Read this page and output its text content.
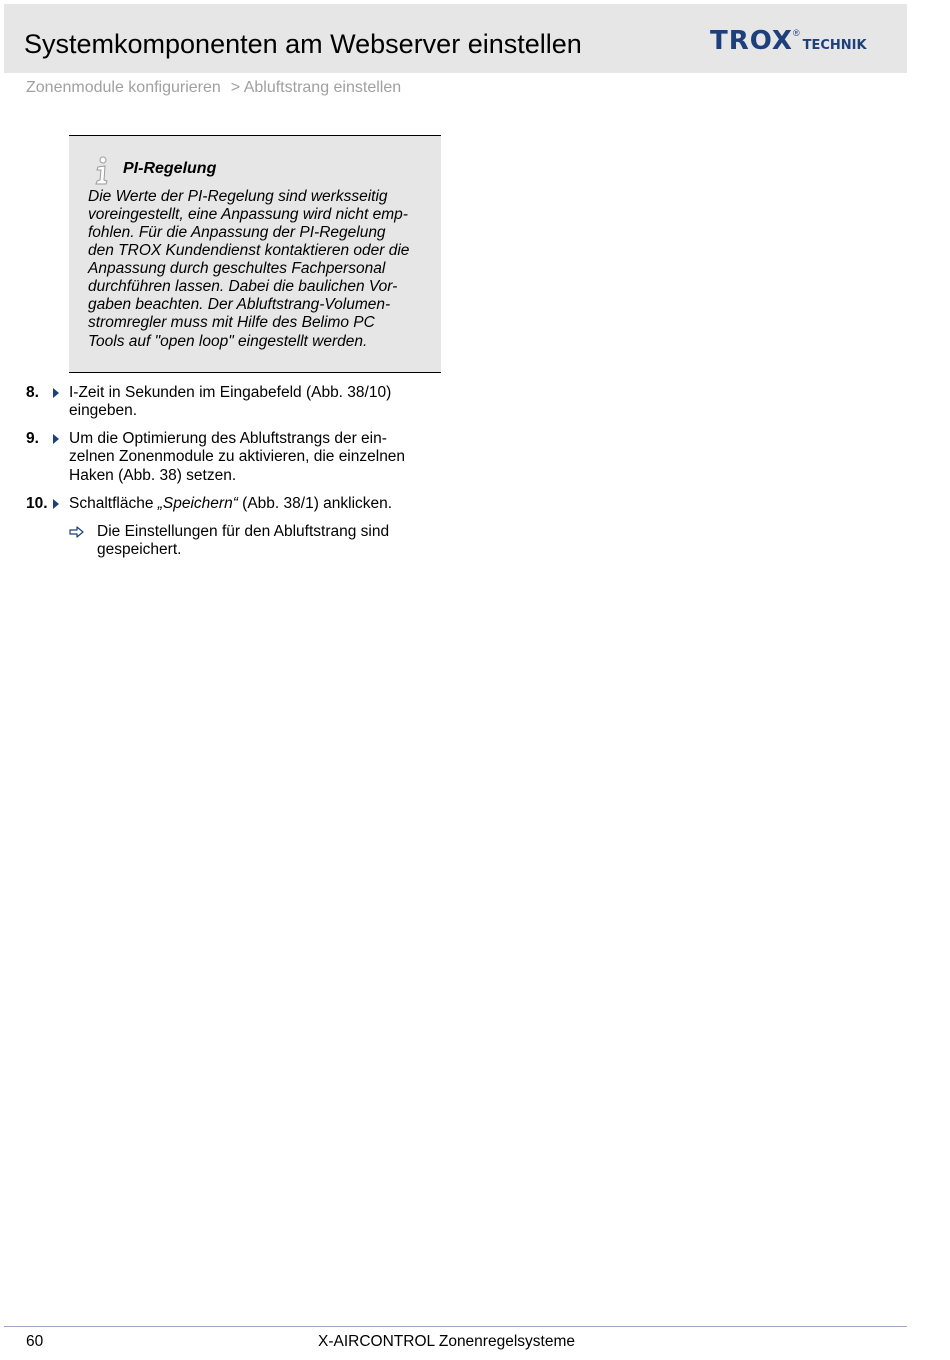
Systemkomponenten am Webserver einstellen	TROX®TECHNIK
Zonenmodule konfigurieren > Abluftstrang einstellen
PI-Regelung
Die Werte der PI-Regelung sind werksseitig
voreingestellt, eine Anpassung wird nicht emp-
fohlen. Für die Anpassung der PI-Regelung
den TROX Kundendienst kontaktieren oder die
Anpassung durch geschultes Fachpersonal
durchführen lassen. Dabei die baulichen Vor-
gaben beachten. Der Abluftstrang-Volumen-
stromregler muss mit Hilfe des Belimo PC
Tools auf "open loop" eingestellt werden.
8. I-Zeit in Sekunden im Eingabefeld (Abb. 38/10)
eingeben.
9. Um die Optimierung des Abluftstrangs der ein-
zelnen Zonenmodule zu aktivieren, die einzelnen
Haken (Abb. 38) setzen.
10. Schaltfläche „Speichern“ (Abb. 38/1) anklicken.
Die Einstellungen für den Abluftstrang sind
gespeichert.
60	X-AIRCONTROL Zonenregelsysteme
